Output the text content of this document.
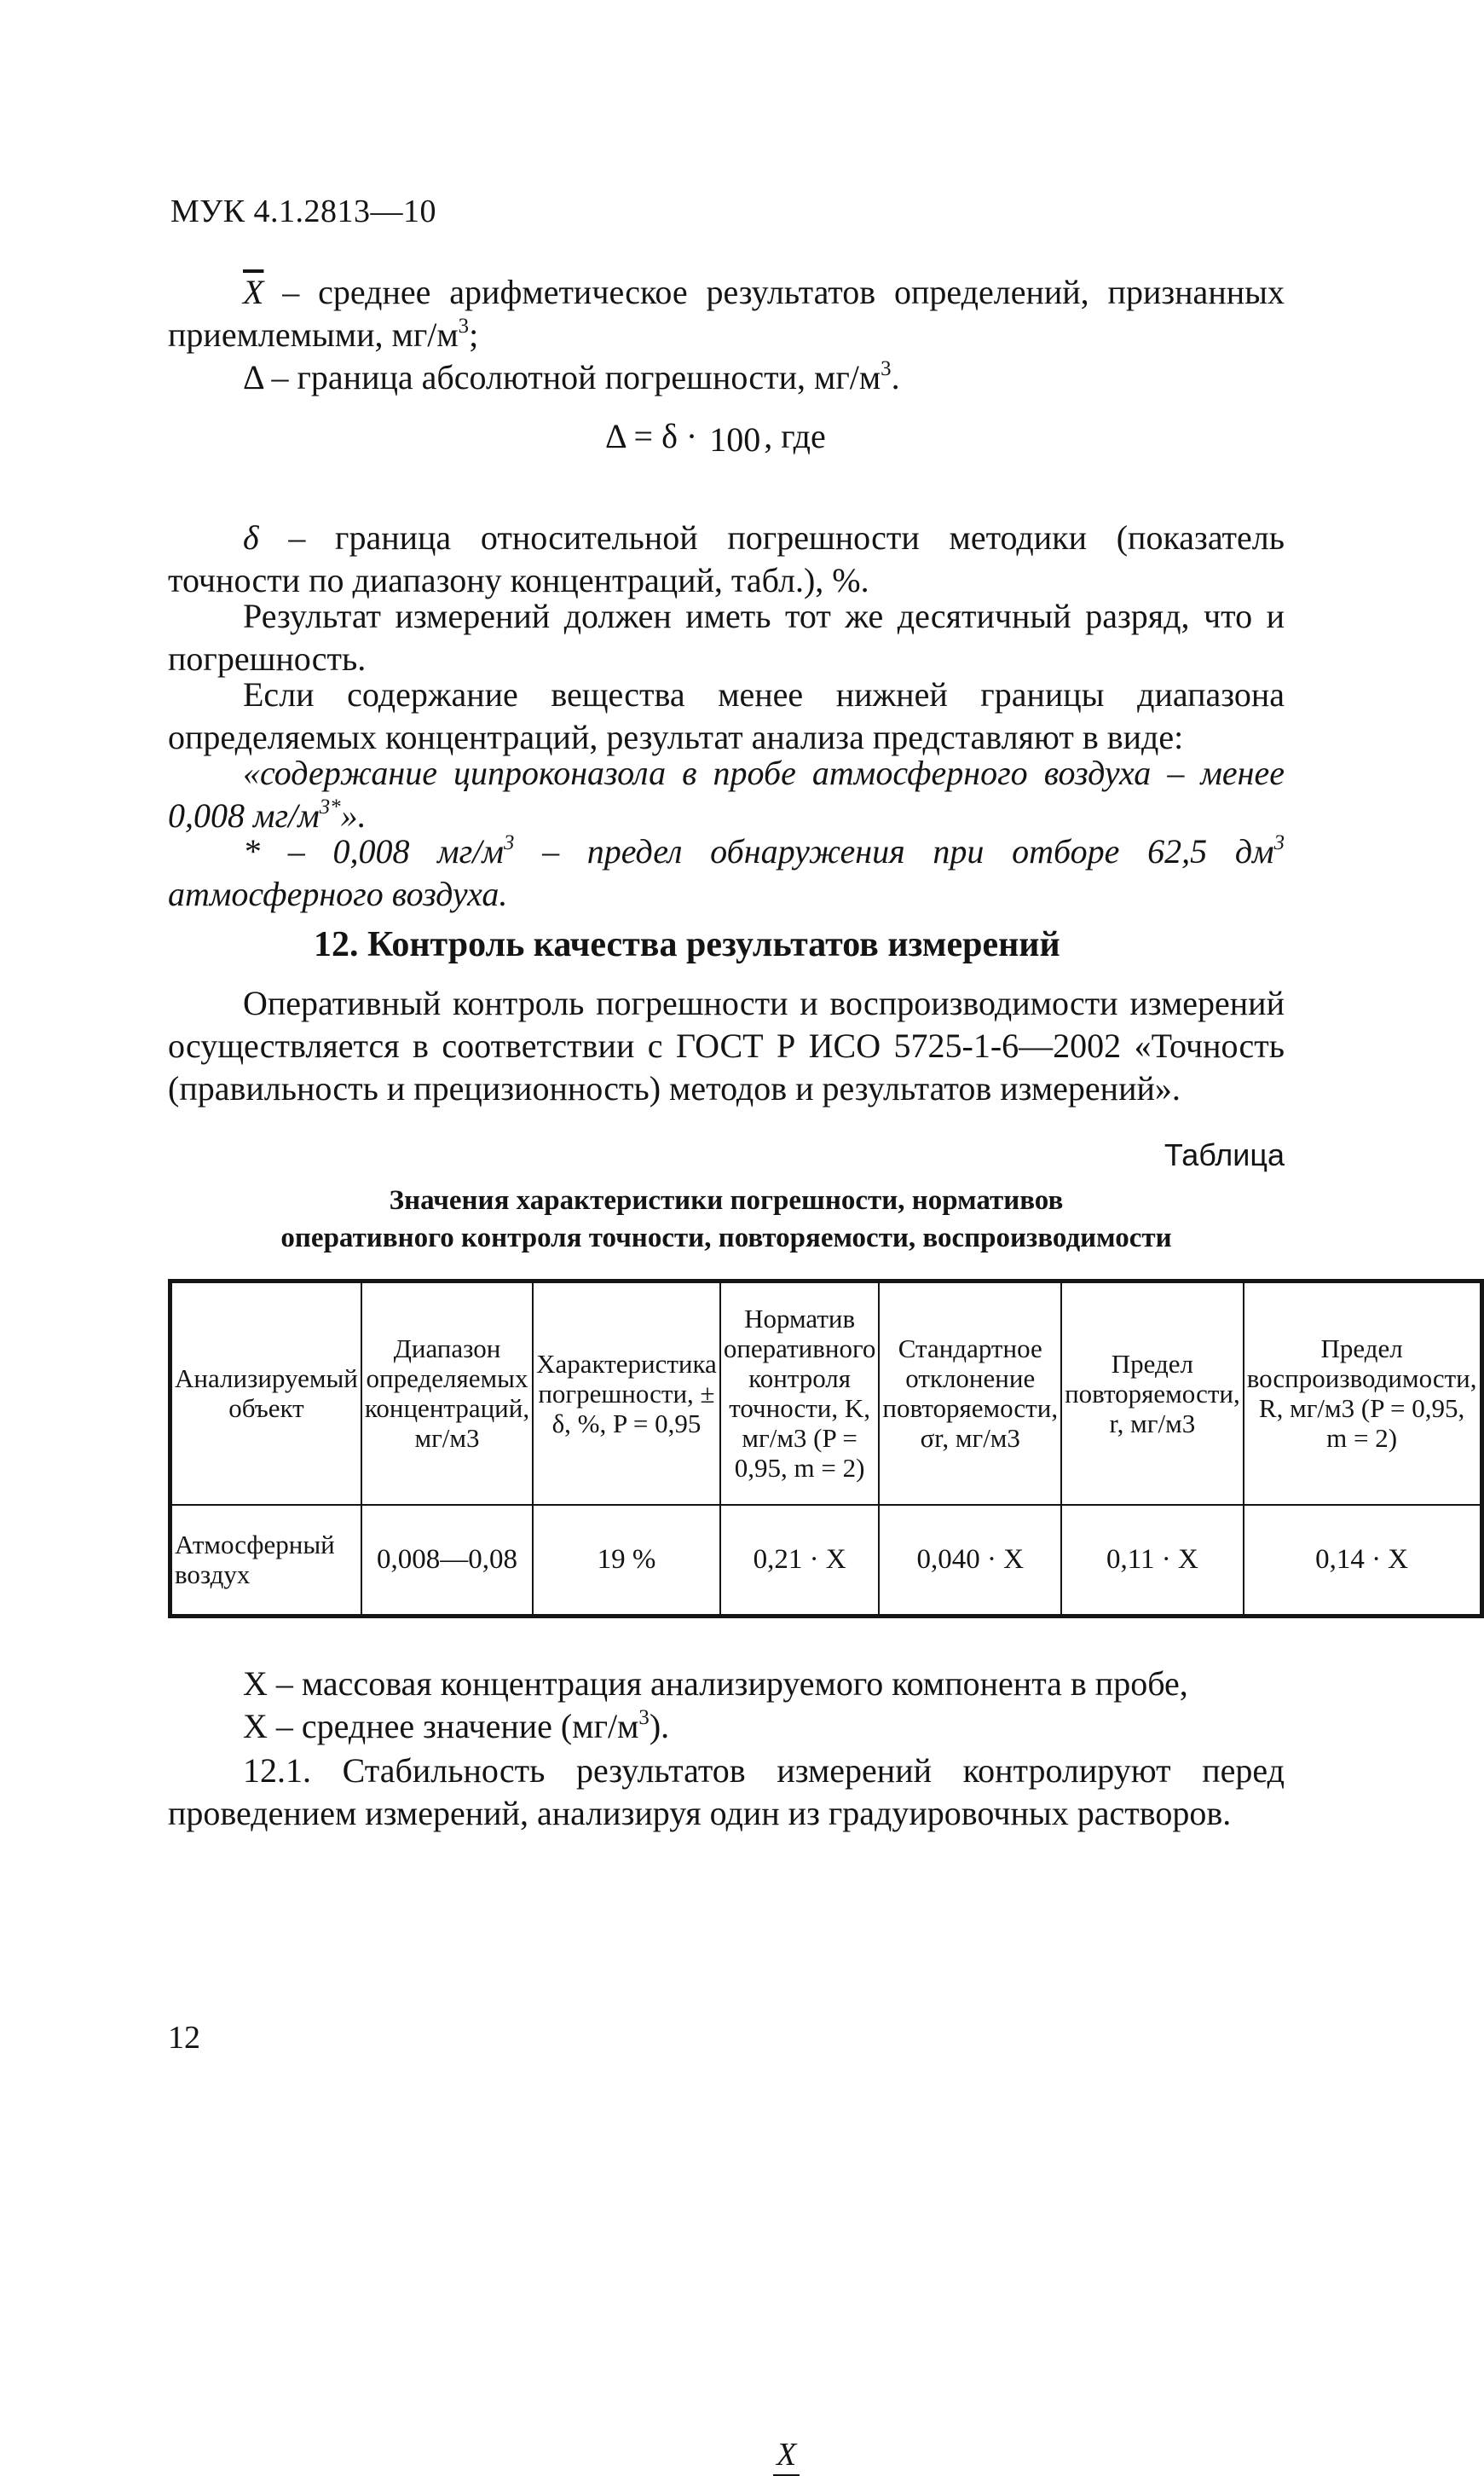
МУК 4.1.2813—10
$\overline{X}$ – среднее арифметическое результатов определений, признанных приемлемыми, $мг/м^3$;
Δ – граница абсолютной погрешности, $мг/м^3$.
Δ = δ ·
X
100 , где
δ – граница относительной погрешности методики (показатель точности по диапазону концентраций, табл.), %.
Результат измерений должен иметь тот же десятичный разряд, что и погрешность.
Если содержание вещества менее нижней границы диапазона определяемых концентраций, результат анализа представляют в виде:
«содержание ципроконазола в пробе атмосферного воздуха – менее 0,008 $мг/м^{3*}$».
* – 0,008 $мг/м^3$ – предел обнаружения при отборе 62,5 $дм^3$ атмосферного воздуха.
12. Контроль качества результатов измерений
Оперативный контроль погрешности и воспроизводимости измерений осуществляется в соответствии с ГОСТ Р ИСО 5725-1-6—2002 «Точность (правильность и прецизионность) методов и результатов измерений».
Таблица
Значения характеристики погрешности, нормативов
оперативного контроля точности, повторяемости, воспроизводимости
Анализируемый объект	Диапазон определяемых концентраций, мг/м3	Характеристика погрешности, ± δ, %, P = 0,95	Норматив оперативного контроля точности, K, мг/м3 (P = 0,95, m = 2)	Стандартное отклонение повторяемости, σr, мг/м3	Предел повторяемости, r, мг/м3	Предел воспроизводимости, R, мг/м3 (P = 0,95, m = 2)
Атмосферный воздух	0,008—0,08	19 %	0,21 · X	0,040 · X	0,11 · X	0,14 · X
X – массовая концентрация анализируемого компонента в пробе,
X – среднее значение $(мг/м^3)$.
12.1. Стабильность результатов измерений контролируют перед проведением измерений, анализируя один из градуировочных растворов.
12
